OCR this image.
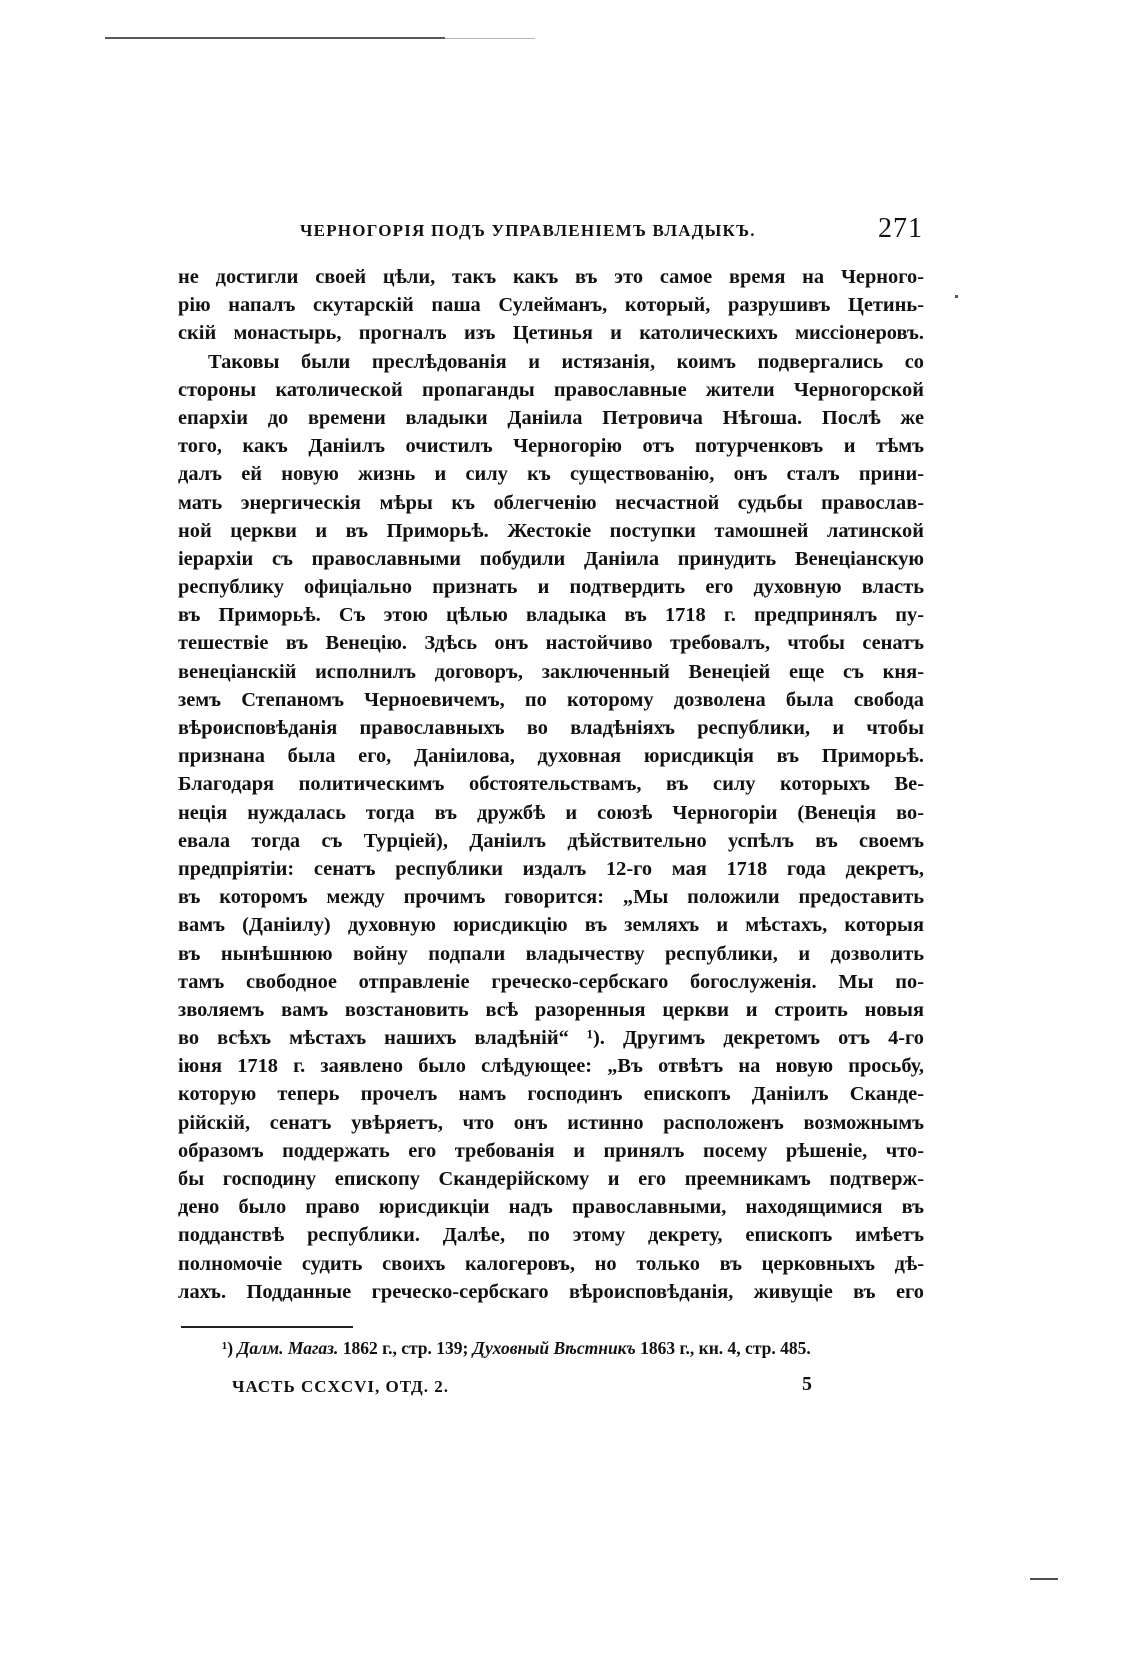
ЧЕРНОГОРІЯ ПОДЪ УПРАВЛЕНІЕМЪ ВЛАДЫКЪ.	271
не достигли своей цѣли, такъ какъ въ это самое время на Черного-
рію напалъ скутарскій паша Сулейманъ, который, разрушивъ Цетинь-
скій монастырь, прогналъ изъ Цетинья и католическихъ миссіонеровъ.
Таковы были преслѣдованія и истязанія, коимъ подвергались со
стороны католической пропаганды православные жители Черногорской
епархіи до времени владыки Даніила Петровича Нѣгоша. Послѣ же
того, какъ Даніилъ очистилъ Черногорію отъ потурченковъ и тѣмъ
далъ ей новую жизнь и силу къ существованію, онъ сталъ прини-
мать энергическія мѣры къ облегченію несчастной судьбы православ-
ной церкви и въ Приморьѣ. Жестокіе поступки тамошней латинской
іерархіи съ православными побудили Даніила принудить Венеціанскую
республику офиціально признать и подтвердить его духовную власть
въ Приморьѣ. Съ этою цѣлью владыка въ 1718 г. предпринялъ пу-
тешествіе въ Венецію. Здѣсь онъ настойчиво требовалъ, чтобы сенатъ
венеціанскій исполнилъ договоръ, заключенный Венеціей еще съ кня-
земъ Степаномъ Черноевичемъ, по которому дозволена была свобода
вѣроисповѣданія православныхъ во владѣніяхъ республики, и чтобы
признана была его, Даніилова, духовная юрисдикція въ Приморьѣ.
Благодаря политическимъ обстоятельствамъ, въ силу которыхъ Ве-
неція нуждалась тогда въ дружбѣ и союзѣ Черногоріи (Венеція во-
евала тогда съ Турціей), Даніилъ дѣйствительно успѣлъ въ своемъ
предпріятіи: сенатъ республики издалъ 12-го мая 1718 года декретъ,
въ которомъ между прочимъ говорится: „Мы положили предоставить
вамъ (Даніилу) духовную юрисдикцію въ земляхъ и мѣстахъ, которыя
въ нынѣшнюю войну подпали владычеству республики, и дозволить
тамъ свободное отправленіе греческо-сербскаго богослуженія. Мы по-
зволяемъ вамъ возстановить всѣ разоренныя церкви и строить новыя
во всѣхъ мѣстахъ нашихъ владѣній“ ¹). Другимъ декретомъ отъ 4-го
іюня 1718 г. заявлено было слѣдующее: „Въ отвѣтъ на новую просьбу,
которую теперь прочелъ намъ господинъ епископъ Даніилъ Скандe-
рійскій, сенатъ увѣряетъ, что онъ истинно расположенъ возможнымъ
образомъ поддержать его требованія и принялъ посему рѣшеніе, что-
бы господину епископу Скандерійскому и его преемникамъ подтверж-
дено было право юрисдикціи надъ православными, находящимися въ
подданствѣ республики. Далѣе, по этому декрету, епископъ имѣетъ
полномочіе судить своихъ калогеровъ, но только въ церковныхъ дѣ-
лахъ. Подданные греческо-сербскаго вѣроисповѣданія, живущіе въ его
¹) Далм. Магаз. 1862 г., стр. 139; Духовный Вѣстникъ 1863 г., кн. 4, стр. 485.
ЧАСТЬ CCXCVI, ОТД. 2.	5
